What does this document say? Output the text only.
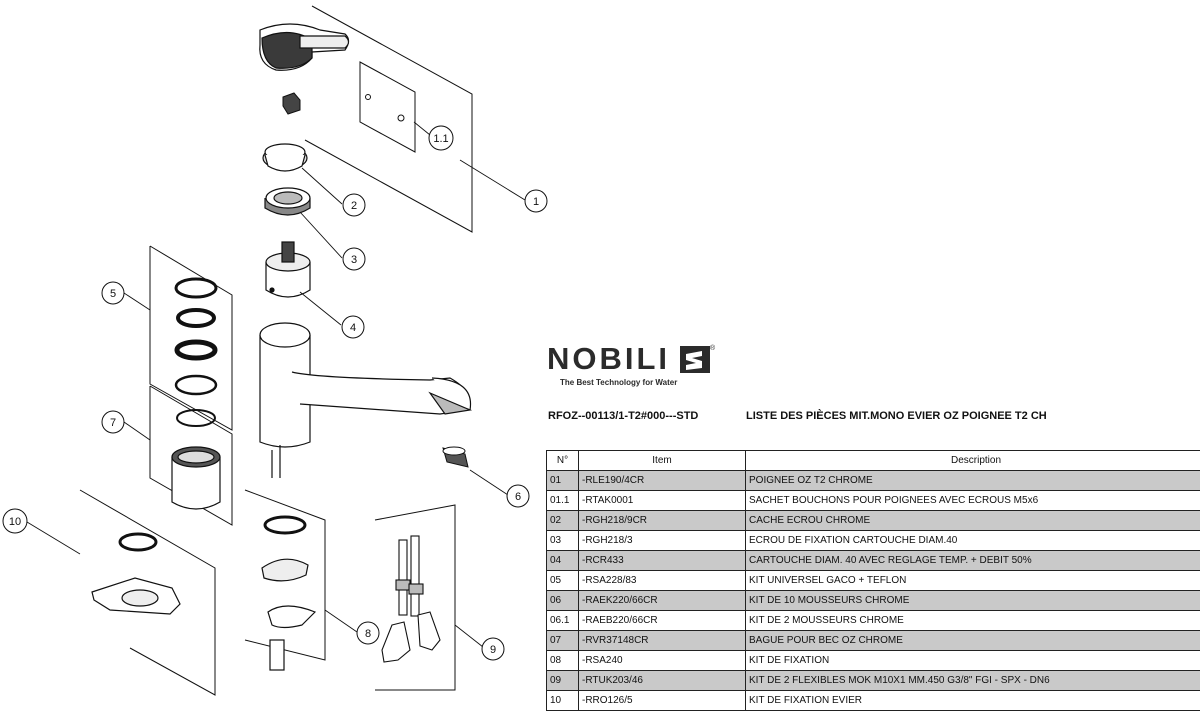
1
1.1
2
3
4
5
6
7
8
9
10
NOBILI	®
The Best Technology for Water
RFOZ--00113/1-T2#000---STD	LISTE DES PIÈCES MIT.MONO EVIER OZ POIGNEE T2 CH
N°	Item	Description
01	-RLE190/4CR	POIGNEE OZ T2 CHROME
01.1	-RTAK0001	SACHET BOUCHONS POUR POIGNEES AVEC ECROUS M5x6
02	-RGH218/9CR	CACHE ECROU CHROME
03	-RGH218/3	ECROU DE FIXATION CARTOUCHE DIAM.40
04	-RCR433	CARTOUCHE DIAM. 40 AVEC REGLAGE TEMP. + DEBIT 50%
05	-RSA228/83	KIT UNIVERSEL GACO + TEFLON
06	-RAEK220/66CR	KIT DE 10 MOUSSEURS CHROME
06.1	-RAEB220/66CR	KIT DE 2 MOUSSEURS CHROME
07	-RVR37148CR	BAGUE POUR BEC OZ CHROME
08	-RSA240	KIT DE FIXATION
09	-RTUK203/46	KIT DE 2 FLEXIBLES MOK M10X1 MM.450 G3/8" FGI - SPX - DN6
10	-RRO126/5	KIT DE FIXATION EVIER
